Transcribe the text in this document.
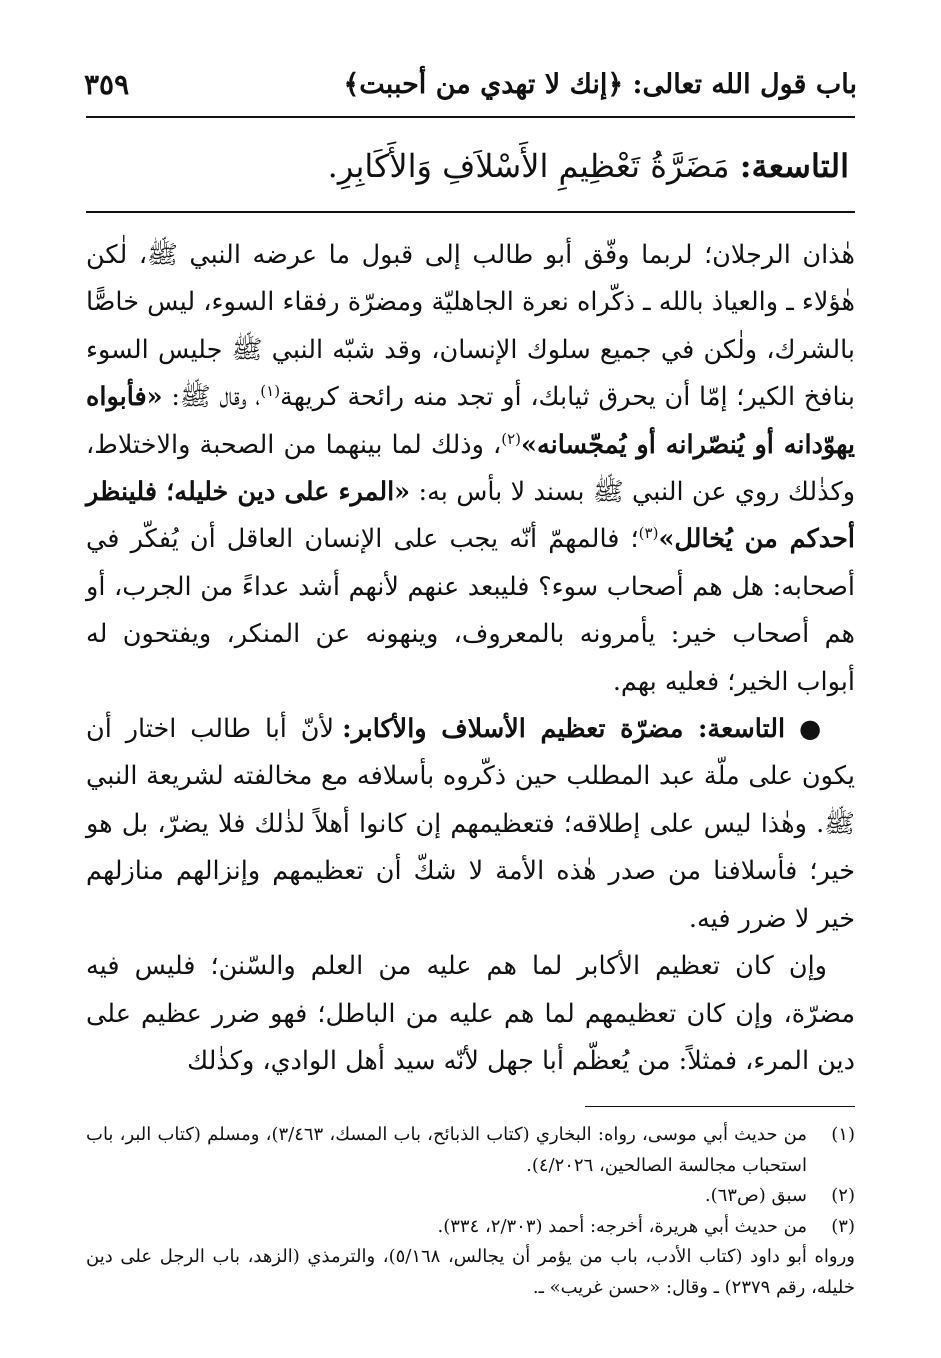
باب قول الله تعالى: ﴿إنك لا تهدي من أحببت﴾
٣٥٩
التاسعة: مَضَرَّةُ تَعْظِيمِ الأَسْلاَفِ وَالأَكَابِرِ.

هٰذان الرجلان؛ لربما وفّق أبو طالب إلى قبول ما عرضه النبي ﷺ، لٰكن هٰؤلاء ـ والعياذ بالله ـ ذكّراه نعرة الجاهليّة ومضرّة رفقاء السوء، ليس خاصًّا بالشرك، ولٰكن في جميع سلوك الإنسان، وقد شبّه النبي ﷺ جليس السوء بنافخ الكير؛ إمّا أن يحرق ثيابك، أو تجد منه رائحة كريهة$^{(١)}$، وقال ﷺ: «فأبواه يهوّدانه أو يُنصّرانه أو يُمجّسانه»$^{(٢)}$، وذلك لما بينهما من الصحبة والاختلاط، وكذٰلك روي عن النبي ﷺ بسند لا بأس به: «المرء على دين خليله؛ فلينظر أحدكم من يُخالل»$^{(٣)}$؛ فالمهمّ أنّه يجب على الإنسان العاقل أن يُفكّر في أصحابه: هل هم أصحاب سوء؟ فليبعد عنهم لأنهم أشد عداءً من الجرب، أو هم أصحاب خير: يأمرونه بالمعروف، وينهونه عن المنكر، ويفتحون له أبواب الخير؛ فعليه بهم.

● التاسعة: مضرّة تعظيم الأسلاف والأكابر: لأنّ أبا طالب اختار أن يكون على ملّة عبد المطلب حين ذكّروه بأسلافه مع مخالفته لشريعة النبي ﷺ. وهٰذا ليس على إطلاقه؛ فتعظيمهم إن كانوا أهلاً لذٰلك فلا يضرّ، بل هو خير؛ فأسلافنا من صدر هٰذه الأمة لا شكّ أن تعظيمهم وإنزالهم منازلهم خير لا ضرر فيه.

وإن كان تعظيم الأكابر لما هم عليه من العلم والسّنن؛ فليس فيه مضرّة، وإن كان تعظيمهم لما هم عليه من الباطل؛ فهو ضرر عظيم على دين المرء، فمثلاً: من يُعظّم أبا جهل لأنّه سيد أهل الوادي، وكذٰلك

(١)
من حديث أبي موسى، رواه: البخاري (كتاب الذبائح، باب المسك، ٣/٤٦٣)، ومسلم (كتاب البر، باب استحباب مجالسة الصالحين، ٤/٢٠٢٦).
(٢)
سبق (ص٦٣).
(٣)
من حديث أبي هريرة، أخرجه: أحمد (٢/٣٠٣، ٣٣٤).
ورواه أبو داود (كتاب الأدب، باب من يؤمر أن يجالس، ٥/١٦٨)، والترمذي (الزهد، باب الرجل على دين خليله، رقم ٢٣٧٩) ـ وقال: «حسن غريب» ـ.
